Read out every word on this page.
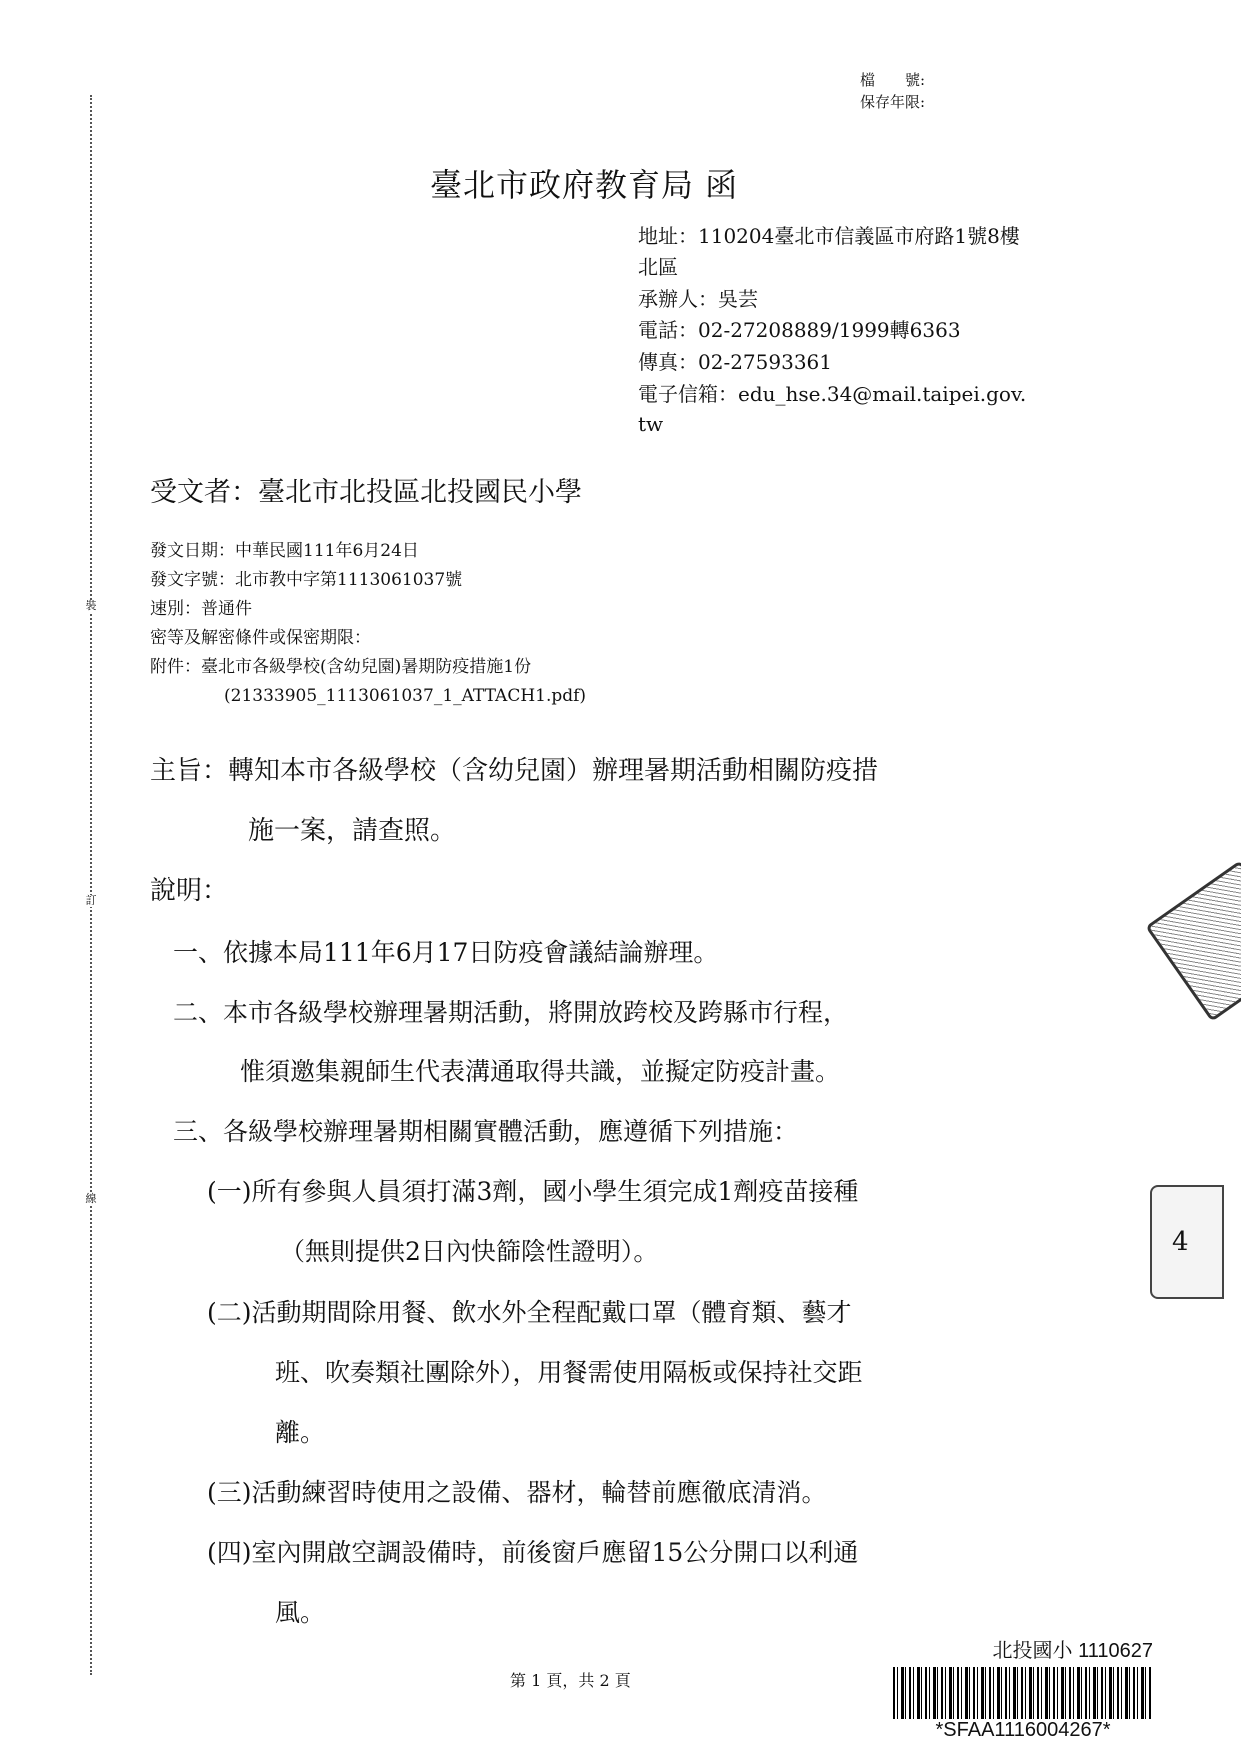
裝
訂
線
檔　　號:
保存年限:
臺北市政府教育局 函
地址：110204臺北市信義區市府路1號8樓
北區
承辦人：吳芸
電話：02-27208889/1999轉6363
傳真：02-27593361
電子信箱：edu_hse.34@mail.taipei.gov.
tw
受文者：臺北市北投區北投國民小學
發文日期：中華民國111年6月24日
發文字號：北市教中字第1113061037號
速別：普通件
密等及解密條件或保密期限：
附件：臺北市各級學校(含幼兒園)暑期防疫措施1份
(21333905_1113061037_1_ATTACH1.pdf)
主旨：轉知本市各級學校（含幼兒園）辦理暑期活動相關防疫措
施一案，請查照。
說明：
一、依據本局111年6月17日防疫會議結論辦理。
二、本市各級學校辦理暑期活動，將開放跨校及跨縣市行程，
惟須邀集親師生代表溝通取得共識，並擬定防疫計畫。
三、各級學校辦理暑期相關實體活動，應遵循下列措施：
(一)所有參與人員須打滿3劑，國小學生須完成1劑疫苗接種
（無則提供2日內快篩陰性證明）。
(二)活動期間除用餐、飲水外全程配戴口罩（體育類、藝才
班、吹奏類社團除外），用餐需使用隔板或保持社交距
離。
(三)活動練習時使用之設備、器材，輪替前應徹底清消。
(四)室內開啟空調設備時，前後窗戶應留15公分開口以利通
風。
4
北投國小 1110627
*SFAA1116004267*
第 1 頁，共 2 頁
